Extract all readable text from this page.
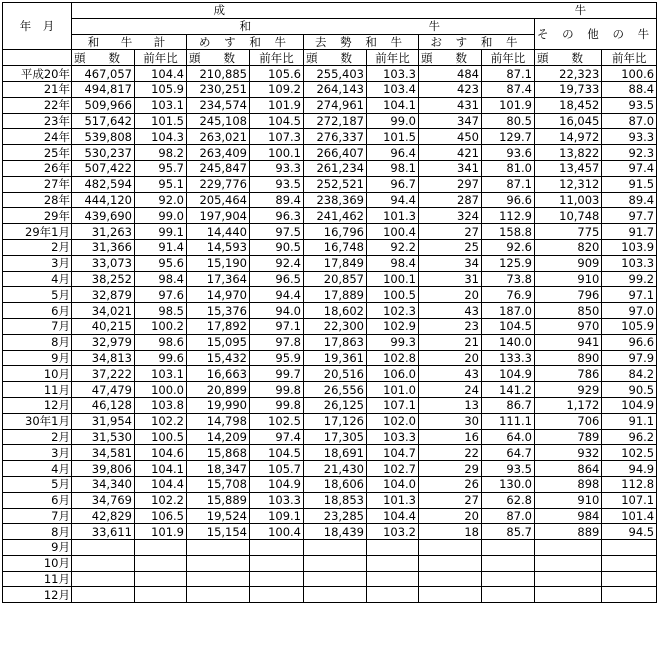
年　月	成					牛				
	和						牛		そ の 他 の 牛	
	和　牛　計		め す 和 牛		去 勢 和 牛		お す 和 牛			
	頭　　数	前年比	頭　　数	前年比	頭　　数	前年比	頭　　数	前年比	頭　　数	前年比
平成20年	467,057	104.4	210,885	105.6	255,403	103.3	484	87.1	22,323	100.6
21年	494,817	105.9	230,251	109.2	264,143	103.4	423	87.4	19,733	88.4
22年	509,966	103.1	234,574	101.9	274,961	104.1	431	101.9	18,452	93.5
23年	517,642	101.5	245,108	104.5	272,187	99.0	347	80.5	16,045	87.0
24年	539,808	104.3	263,021	107.3	276,337	101.5	450	129.7	14,972	93.3
25年	530,237	98.2	263,409	100.1	266,407	96.4	421	93.6	13,822	92.3
26年	507,422	95.7	245,847	93.3	261,234	98.1	341	81.0	13,457	97.4
27年	482,594	95.1	229,776	93.5	252,521	96.7	297	87.1	12,312	91.5
28年	444,120	92.0	205,464	89.4	238,369	94.4	287	96.6	11,003	89.4
29年	439,690	99.0	197,904	96.3	241,462	101.3	324	112.9	10,748	97.7
29年1月	31,263	99.1	14,440	97.5	16,796	100.4	27	158.8	775	91.7
2月	31,366	91.4	14,593	90.5	16,748	92.2	25	92.6	820	103.9
3月	33,073	95.6	15,190	92.4	17,849	98.4	34	125.9	909	103.3
4月	38,252	98.4	17,364	96.5	20,857	100.1	31	73.8	910	99.2
5月	32,879	97.6	14,970	94.4	17,889	100.5	20	76.9	796	97.1
6月	34,021	98.5	15,376	94.0	18,602	102.3	43	187.0	850	97.0
7月	40,215	100.2	17,892	97.1	22,300	102.9	23	104.5	970	105.9
8月	32,979	98.6	15,095	97.8	17,863	99.3	21	140.0	941	96.6
9月	34,813	99.6	15,432	95.9	19,361	102.8	20	133.3	890	97.9
10月	37,222	103.1	16,663	99.7	20,516	106.0	43	104.9	786	84.2
11月	47,479	100.0	20,899	99.8	26,556	101.0	24	141.2	929	90.5
12月	46,128	103.8	19,990	99.8	26,125	107.1	13	86.7	1,172	104.9
30年1月	31,954	102.2	14,798	102.5	17,126	102.0	30	111.1	706	91.1
2月	31,530	100.5	14,209	97.4	17,305	103.3	16	64.0	789	96.2
3月	34,581	104.6	15,868	104.5	18,691	104.7	22	64.7	932	102.5
4月	39,806	104.1	18,347	105.7	21,430	102.7	29	93.5	864	94.9
5月	34,340	104.4	15,708	104.9	18,606	104.0	26	130.0	898	112.8
6月	34,769	102.2	15,889	103.3	18,853	101.3	27	62.8	910	107.1
7月	42,829	106.5	19,524	109.1	23,285	104.4	20	87.0	984	101.4
8月	33,611	101.9	15,154	100.4	18,439	103.2	18	85.7	889	94.5
9月										
10月										
11月										
12月										
